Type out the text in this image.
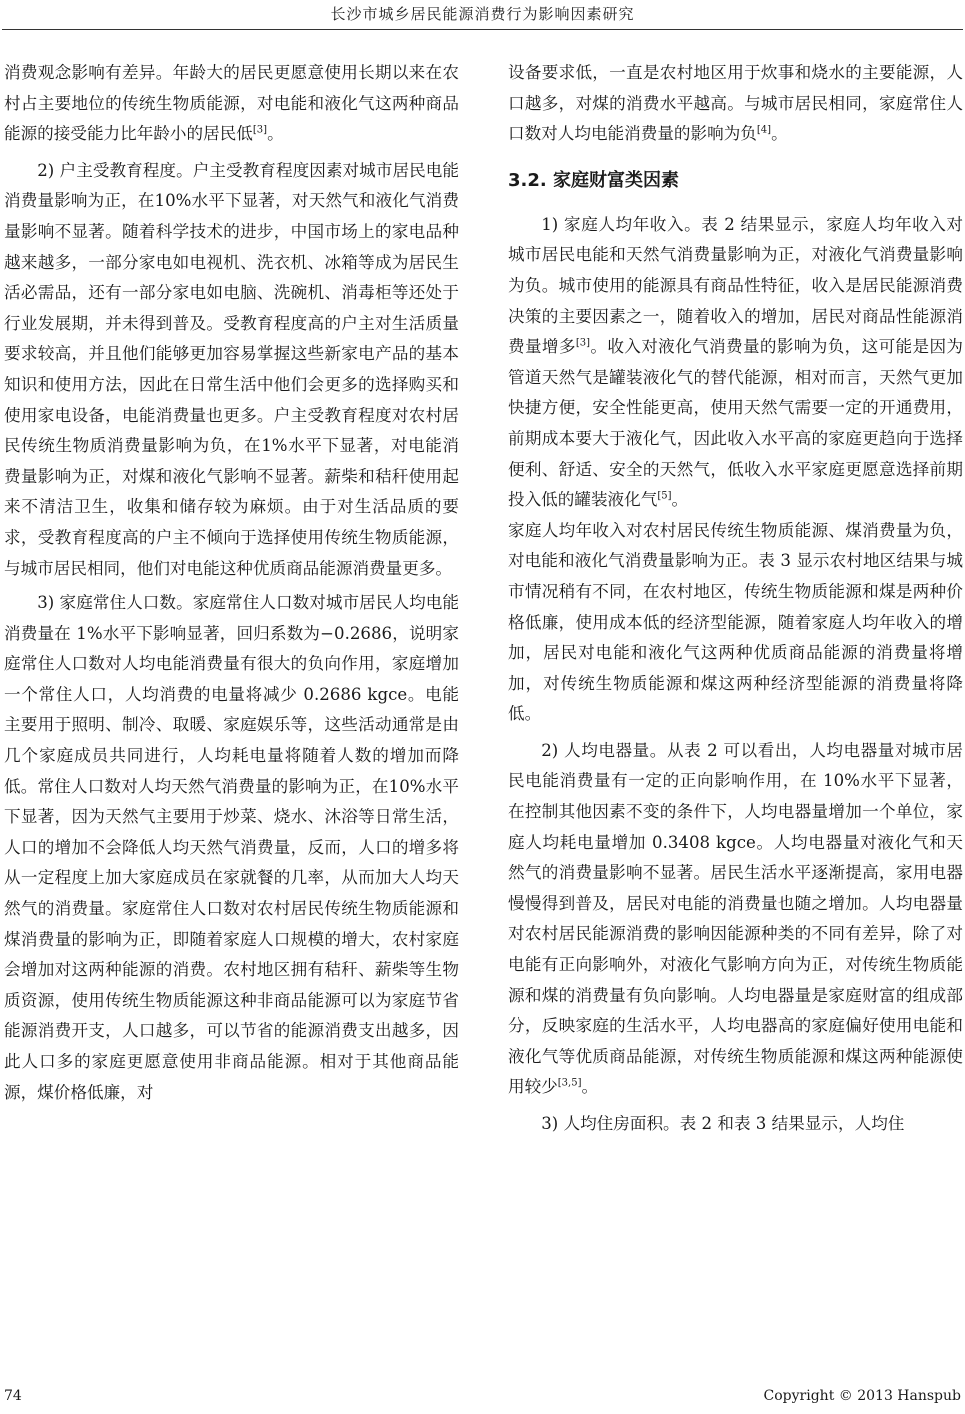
长沙市城乡居民能源消费行为影响因素研究

消费观念影响有差异。年龄大的居民更愿意使用长期以来在农村占主要地位的传统生物质能源，对电能和液化气这两种商品能源的接受能力比年龄小的居民低[3]。

2) 户主受教育程度。户主受教育程度因素对城市居民电能消费量影响为正，在10%水平下显著，对天然气和液化气消费量影响不显著。随着科学技术的进步，中国市场上的家电品种越来越多，一部分家电如电视机、洗衣机、冰箱等成为居民生活必需品，还有一部分家电如电脑、洗碗机、消毒柜等还处于行业发展期，并未得到普及。受教育程度高的户主对生活质量要求较高，并且他们能够更加容易掌握这些新家电产品的基本知识和使用方法，因此在日常生活中他们会更多的选择购买和使用家电设备，电能消费量也更多。户主受教育程度对农村居民传统生物质消费量影响为负，在1%水平下显著，对电能消费量影响为正，对煤和液化气影响不显著。薪柴和秸秆使用起来不清洁卫生，收集和储存较为麻烦。由于对生活品质的要求，受教育程度高的户主不倾向于选择使用传统生物质能源，与城市居民相同，他们对电能这种优质商品能源消费量更多。

3) 家庭常住人口数。家庭常住人口数对城市居民人均电能消费量在 1%水平下影响显著，回归系数为−0.2686，说明家庭常住人口数对人均电能消费量有很大的负向作用，家庭增加一个常住人口，人均消费的电量将减少 0.2686 kgce。电能主要用于照明、制冷、取暖、家庭娱乐等，这些活动通常是由几个家庭成员共同进行，人均耗电量将随着人数的增加而降低。常住人口数对人均天然气消费量的影响为正，在10%水平下显著，因为天然气主要用于炒菜、烧水、沐浴等日常生活，人口的增加不会降低人均天然气消费量，反而，人口的增多将从一定程度上加大家庭成员在家就餐的几率，从而加大人均天然气的消费量。家庭常住人口数对农村居民传统生物质能源和煤消费量的影响为正，即随着家庭人口规模的增大，农村家庭会增加对这两种能源的消费。农村地区拥有秸秆、薪柴等生物质资源，使用传统生物质能源这种非商品能源可以为家庭节省能源消费开支，人口越多，可以节省的能源消费支出越多，因此人口多的家庭更愿意使用非商品能源。相对于其他商品能源，煤价格低廉，对

设备要求低，一直是农村地区用于炊事和烧水的主要能源，人口越多，对煤的消费水平越高。与城市居民相同，家庭常住人口数对人均电能消费量的影响为负[4]。

3.2. 家庭财富类因素

1) 家庭人均年收入。表 2 结果显示，家庭人均年收入对城市居民电能和天然气消费量影响为正，对液化气消费量影响为负。城市使用的能源具有商品性特征，收入是居民能源消费决策的主要因素之一，随着收入的增加，居民对商品性能源消费量增多[3]。收入对液化气消费量的影响为负，这可能是因为管道天然气是罐装液化气的替代能源，相对而言，天然气更加快捷方便，安全性能更高，使用天然气需要一定的开通费用，前期成本要大于液化气，因此收入水平高的家庭更趋向于选择便利、舒适、安全的天然气，低收入水平家庭更愿意选择前期投入低的罐装液化气[5]。

家庭人均年收入对农村居民传统生物质能源、煤消费量为负，对电能和液化气消费量影响为正。表 3 显示农村地区结果与城市情况稍有不同，在农村地区，传统生物质能源和煤是两种价格低廉，使用成本低的经济型能源，随着家庭人均年收入的增加，居民对电能和液化气这两种优质商品能源的消费量将增加，对传统生物质能源和煤这两种经济型能源的消费量将降低。

2) 人均电器量。从表 2 可以看出，人均电器量对城市居民电能消费量有一定的正向影响作用，在 10%水平下显著，在控制其他因素不变的条件下，人均电器量增加一个单位，家庭人均耗电量增加 0.3408 kgce。人均电器量对液化气和天然气的消费量影响不显著。居民生活水平逐渐提高，家用电器慢慢得到普及，居民对电能的消费量也随之增加。人均电器量对农村居民能源消费的影响因能源种类的不同有差异，除了对电能有正向影响外，对液化气影响方向为正，对传统生物质能源和煤的消费量有负向影响。人均电器量是家庭财富的组成部分，反映家庭的生活水平，人均电器高的家庭偏好使用电能和液化气等优质商品能源，对传统生物质能源和煤这两种能源使用较少[3,5]。

3) 人均住房面积。表 2 和表 3 结果显示，人均住

74	Copyright © 2013 Hanspub
